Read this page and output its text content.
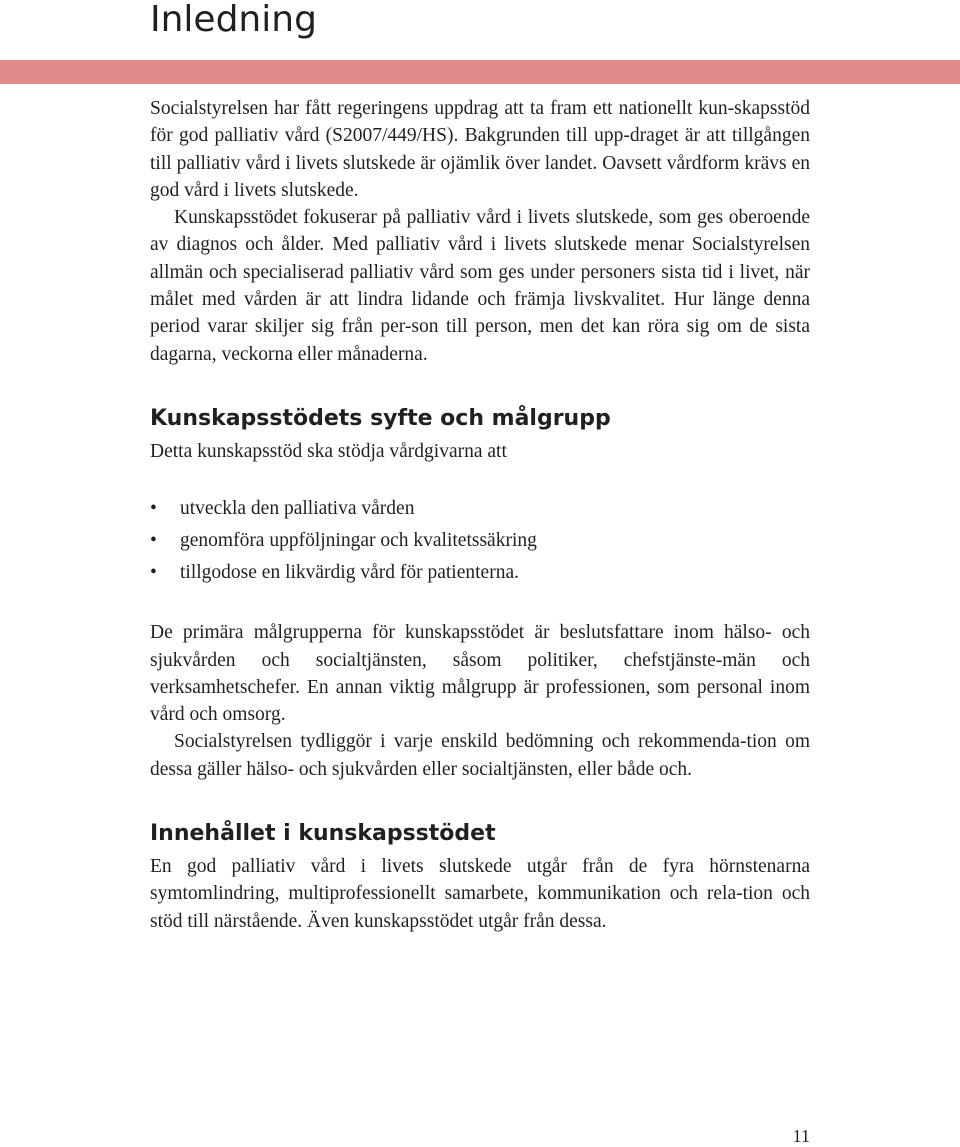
Inledning

Socialstyrelsen har fått regeringens uppdrag att ta fram ett nationellt kun-skapsstöd för god palliativ vård (S2007/449/HS). Bakgrunden till upp-draget är att tillgången till palliativ vård i livets slutskede är ojämlik över landet. Oavsett vårdform krävs en god vård i livets slutskede.

Kunskapsstödet fokuserar på palliativ vård i livets slutskede, som ges oberoende av diagnos och ålder. Med palliativ vård i livets slutskede menar Socialstyrelsen allmän och specialiserad palliativ vård som ges under personers sista tid i livet, när målet med vården är att lindra lidande och främja livskvalitet. Hur länge denna period varar skiljer sig från per-son till person, men det kan röra sig om de sista dagarna, veckorna eller månaderna.

Kunskapsstödets syfte och målgrupp

Detta kunskapsstöd ska stödja vårdgivarna att

• utveckla den palliativa vården
• genomföra uppföljningar och kvalitetssäkring
• tillgodose en likvärdig vård för patienterna.

De primära målgrupperna för kunskapsstödet är beslutsfattare inom hälso- och sjukvården och socialtjänsten, såsom politiker, chefstjänste-män och verksamhetschefer. En annan viktig målgrupp är professionen, som personal inom vård och omsorg.

Socialstyrelsen tydliggör i varje enskild bedömning och rekommenda-tion om dessa gäller hälso- och sjukvården eller socialtjänsten, eller både och.

Innehållet i kunskapsstödet

En god palliativ vård i livets slutskede utgår från de fyra hörnstenarna symtomlindring, multiprofessionellt samarbete, kommunikation och rela-tion och stöd till närstående. Även kunskapsstödet utgår från dessa.

11
